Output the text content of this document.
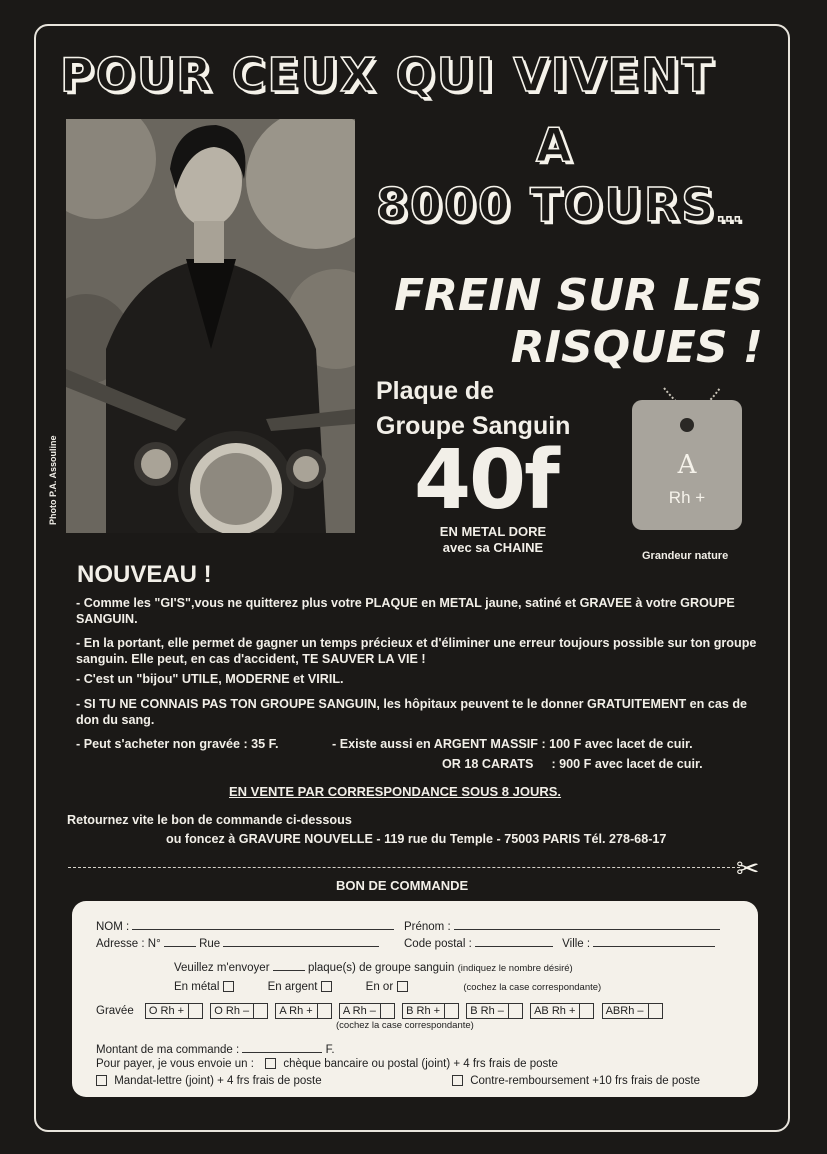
POUR CEUX QUI VIVENT
A
8000 TOURS...
FREIN SUR LES
RISQUES !
Photo P.A. Assouline
Plaque de
Groupe Sanguin
40f
EN METAL DORE
avec sa CHAINE
A
Rh +
Grandeur nature
NOUVEAU !
- Comme les "GI'S",vous ne quitterez plus votre PLAQUE en METAL jaune, satiné et GRAVEE à votre GROUPE SANGUIN.
- En la portant, elle permet de gagner un temps précieux et d'éliminer une erreur toujours possible sur ton groupe sanguin. Elle peut, en cas d'accident, TE SAUVER LA VIE !
- C'est un "bijou" UTILE, MODERNE et VIRIL.
- SI TU NE CONNAIS PAS TON GROUPE SANGUIN, les hôpitaux peuvent te le donner GRATUITEMENT en cas de don du sang.
- Peut s'acheter non gravée : 35 F.	- Existe aussi en ARGENT MASSIF : 100 F avec lacet de cuir.
OR 18 CARATS : 900 F avec lacet de cuir.
EN VENTE PAR CORRESPONDANCE SOUS 8 JOURS.
Retournez vite le bon de commande ci-dessous
ou foncez à GRAVURE NOUVELLE - 119 rue du Temple - 75003 PARIS Tél. 278-68-17
✂
BON DE COMMANDE
NOM :	Prénom :
Adresse : N°	Rue	Code postal :	Ville :
Veuillez m'envoyer	plaque(s) de groupe sanguin (indiquez le nombre désiré)
En métal	En argent	En or	(cochez la case correspondante)
Gravée O Rh +	O Rh –	A Rh +	A Rh –	B Rh +	B Rh –	AB Rh +	ABRh –
(cochez la case correspondante)
Montant de ma commande :	F.
Pour payer, je vous envoie un :	chèque bancaire ou postal (joint) + 4 frs frais de poste
Mandat-lettre (joint) + 4 frs frais de poste	Contre-remboursement +10 frs frais de poste
